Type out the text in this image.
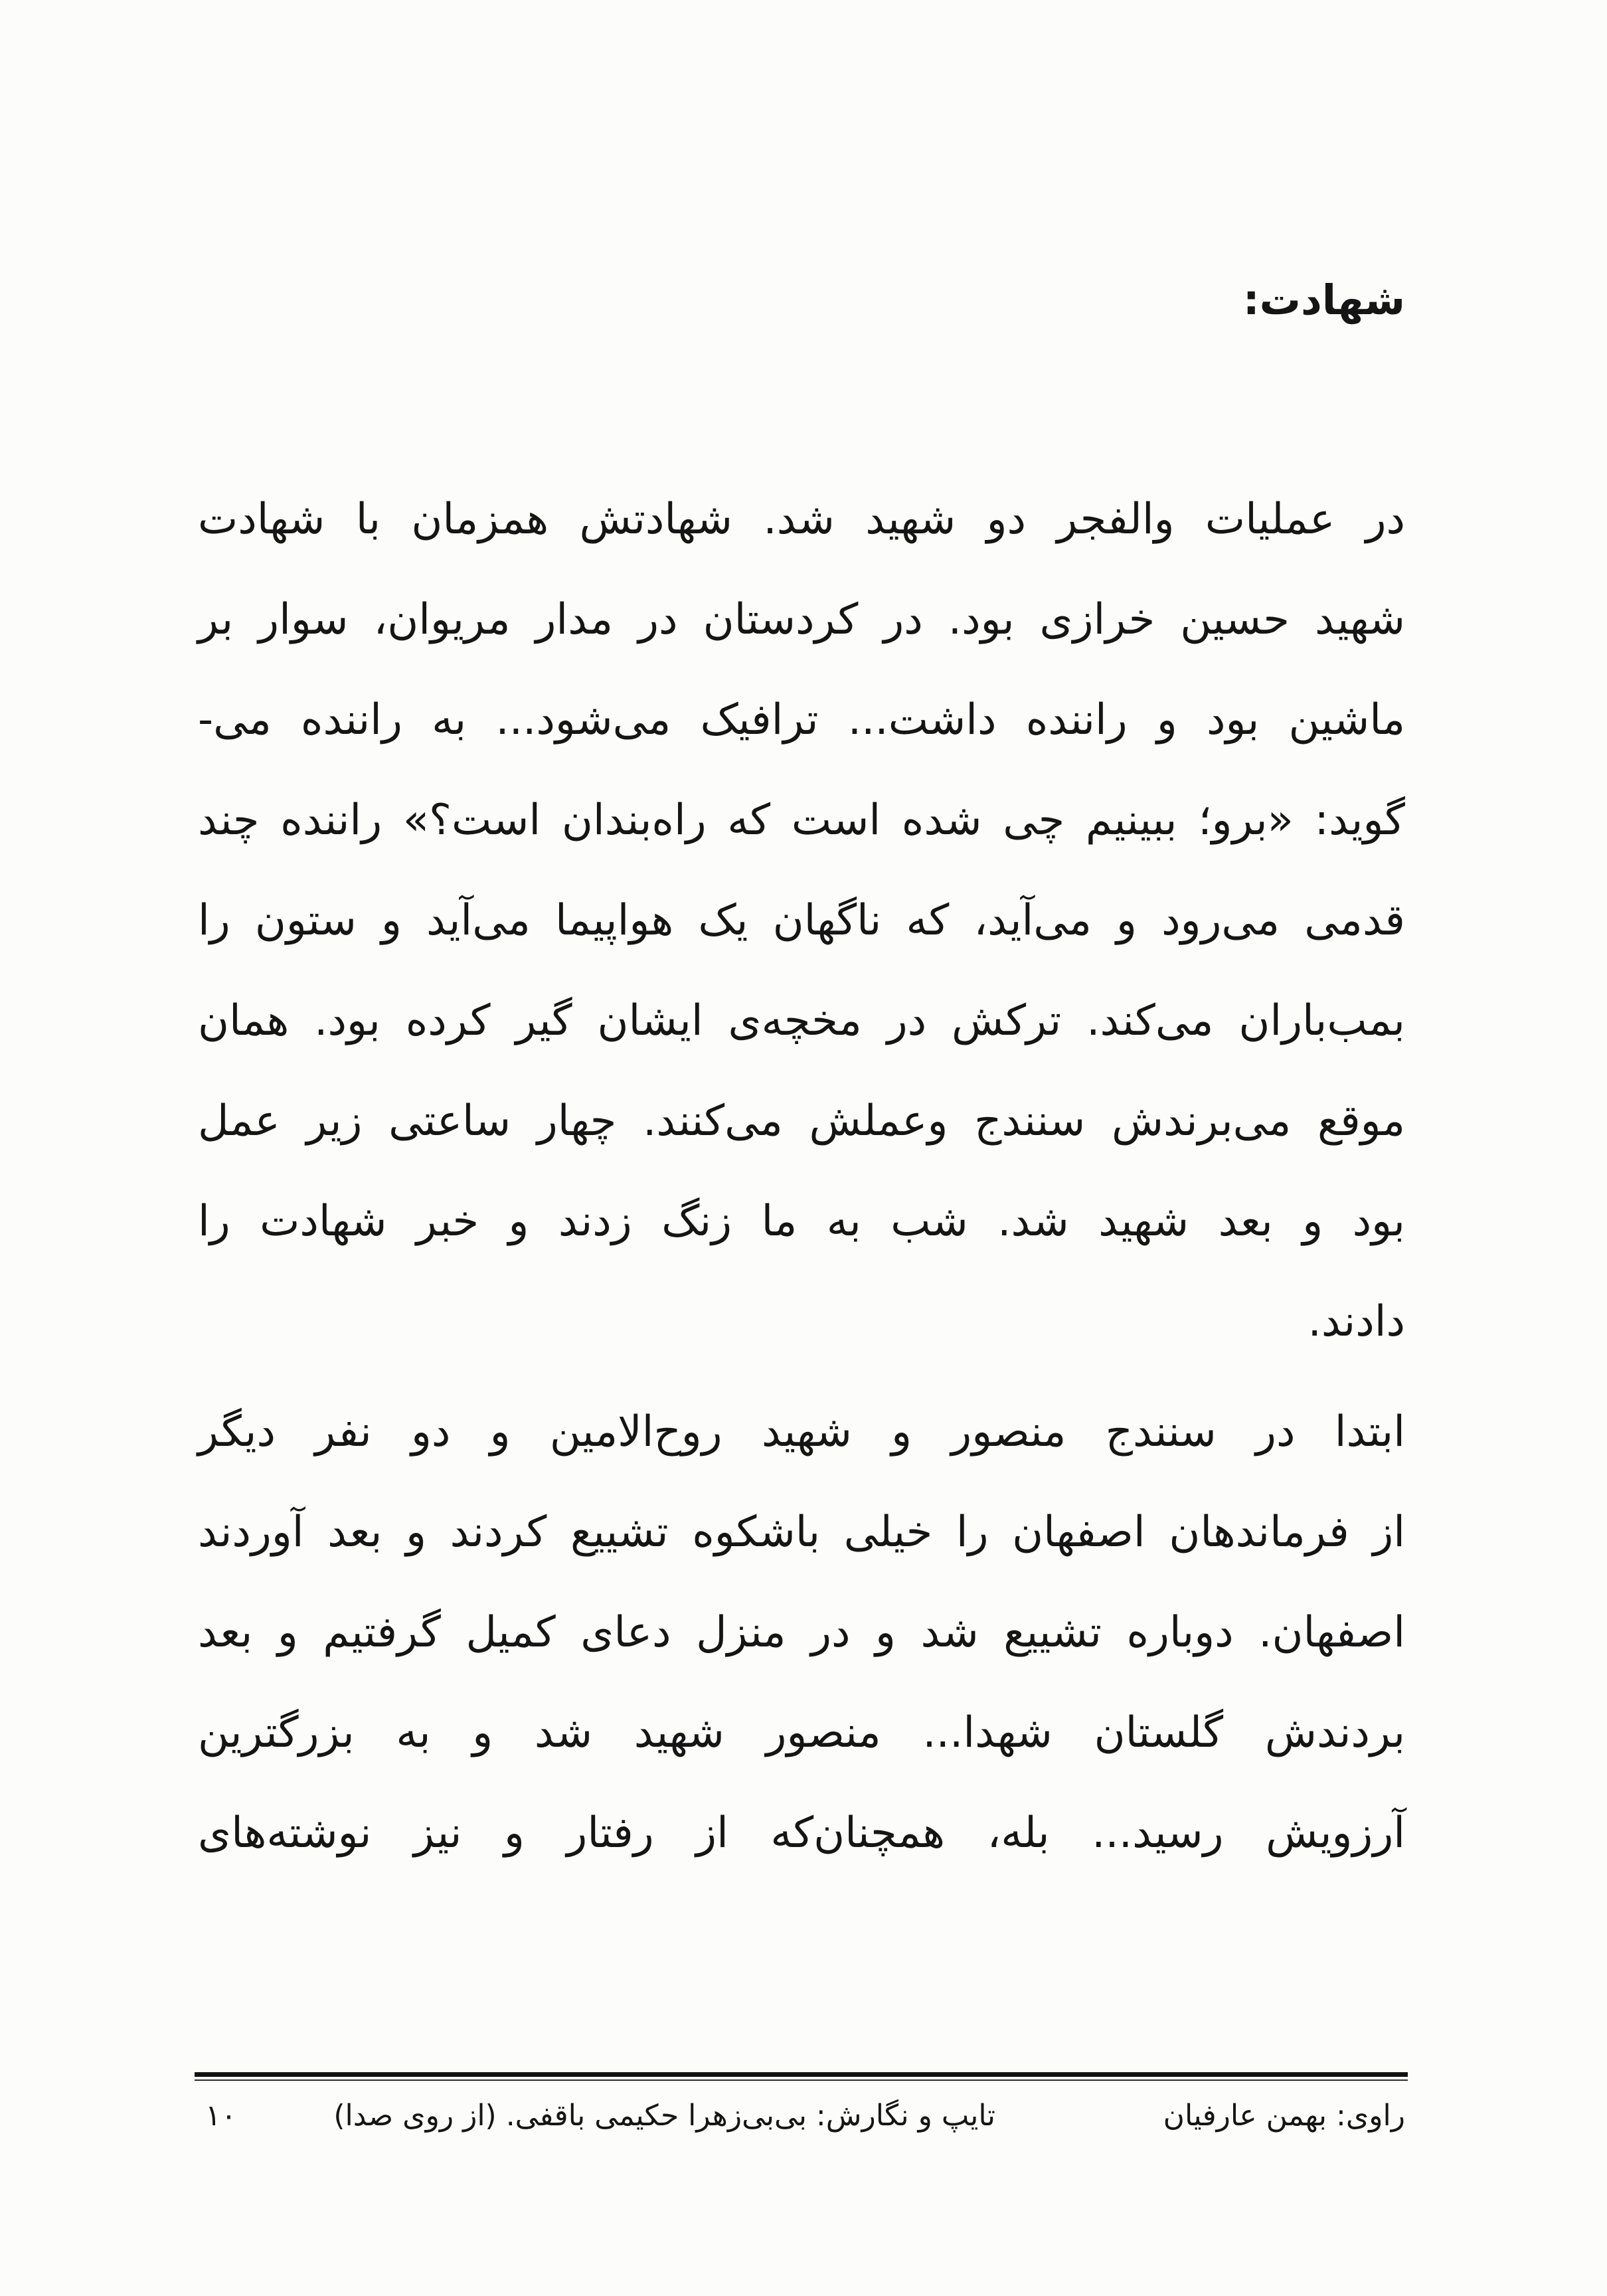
شهادت:
در عملیات والفجر دو شهید شد. شهادتش همزمان با شهادت
شهید حسین خرازی بود. در کردستان در مدار مریوان، سوار بر
ماشین بود و راننده داشت... ترافیک می‌شود... به راننده می-
گوید: «برو؛ ببینیم چی شده است که راه‌بندان است؟» راننده چند
قدمی می‌رود و می‌آید، که ناگهان یک هواپیما می‌آید و ستون را
بمب‌باران می‌کند. ترکش در مخچه‌ی ایشان گیر کرده بود. همان
موقع می‌برندش سنندج وعملش می‌کنند. چهار ساعتی زیر عمل
بود و بعد شهید شد. شب به ما زنگ زدند و خبر شهادت را
دادند.
ابتدا در سنندج منصور و شهید روح‌الامین و دو نفر دیگر
از فرماندهان اصفهان را خیلی باشکوه تشییع کردند و بعد آوردند
اصفهان. دوباره تشییع شد و در منزل دعای کمیل گرفتیم و بعد
بردندش گلستان شهدا... منصور شهید شد و به بزرگترین
آرزویش رسید... بله، همچنان‌که از رفتار و نیز نوشته‌های
راوی: بهمن عارفیان
تایپ و نگارش: بی‌بی‌زهرا حکیمی باقفی. (از روی صدا)
۱۰
